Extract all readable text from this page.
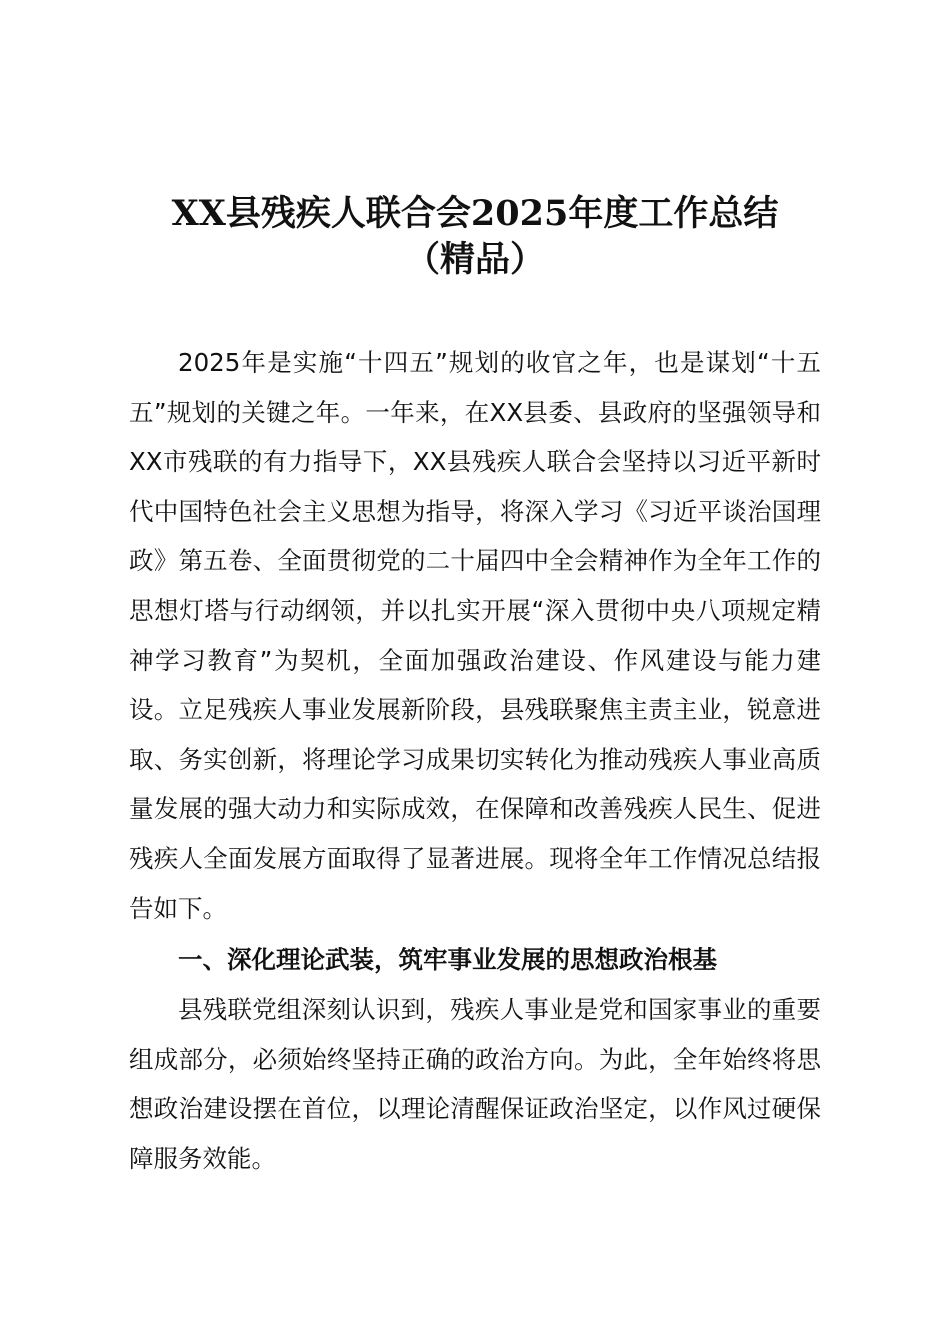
XX县残疾人联合会2025年度工作总结
（精品）

2025年是实施“十四五”规划的收官之年，也是谋划“十五五”规划的关键之年。一年来，在XX县委、县政府的坚强领导和XX市残联的有力指导下，XX县残疾人联合会坚持以习近平新时代中国特色社会主义思想为指导，将深入学习《习近平谈治国理政》第五卷、全面贯彻党的二十届四中全会精神作为全年工作的思想灯塔与行动纲领，并以扎实开展“深入贯彻中央八项规定精神学习教育”为契机，全面加强政治建设、作风建设与能力建设。立足残疾人事业发展新阶段，县残联聚焦主责主业，锐意进取、务实创新，将理论学习成果切实转化为推动残疾人事业高质量发展的强大动力和实际成效，在保障和改善残疾人民生、促进残疾人全面发展方面取得了显著进展。现将全年工作情况总结报告如下。

一、深化理论武装，筑牢事业发展的思想政治根基

县残联党组深刻认识到，残疾人事业是党和国家事业的重要组成部分，必须始终坚持正确的政治方向。为此，全年始终将思想政治建设摆在首位，以理论清醒保证政治坚定，以作风过硬保障服务效能。
